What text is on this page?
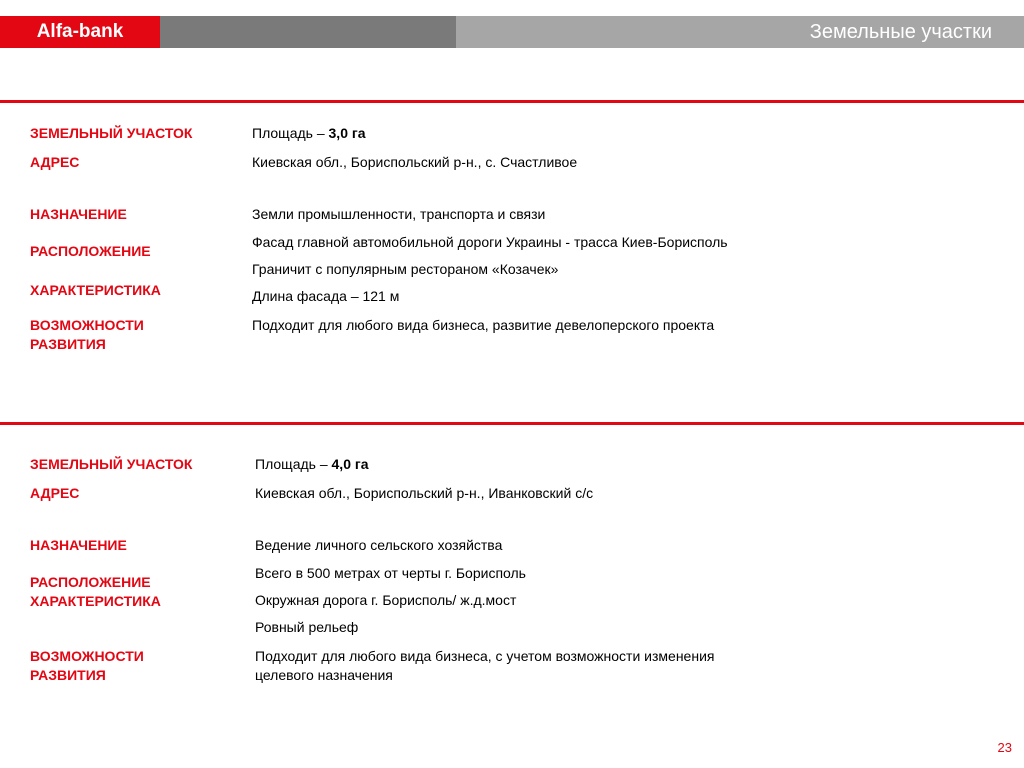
Alfa-bank	Земельные участки
ЗЕМЕЛЬНЫЙ УЧАСТОК
АДРЕС
НАЗНАЧЕНИЕ
РАСПОЛОЖЕНИЕ
ХАРАКТЕРИСТИКА
ВОЗМОЖНОСТИ
РАЗВИТИЯ
Площадь – 3,0 га
Киевская обл., Бориспольский р-н., с. Счастливое
Земли промышленности, транспорта и связи
Фасад главной автомобильной дороги Украины - трасса Киев-Борисполь
Граничит с популярным рестораном «Козачек»
Длина фасада – 121 м
Подходит для любого вида бизнеса, развитие девелоперского проекта
ЗЕМЕЛЬНЫЙ УЧАСТОК
АДРЕС
НАЗНАЧЕНИЕ
РАСПОЛОЖЕНИЕ
ХАРАКТЕРИСТИКА
ВОЗМОЖНОСТИ
РАЗВИТИЯ
Площадь – 4,0 га
Киевская обл., Бориспольский р-н., Иванковский с/с
Ведение личного сельского хозяйства
Всего в 500 метрах от черты г. Борисполь
Окружная дорога г. Борисполь/ ж.д.мост
Ровный рельеф
Подходит для любого вида бизнеса, с учетом возможности изменения
целевого назначения
23
